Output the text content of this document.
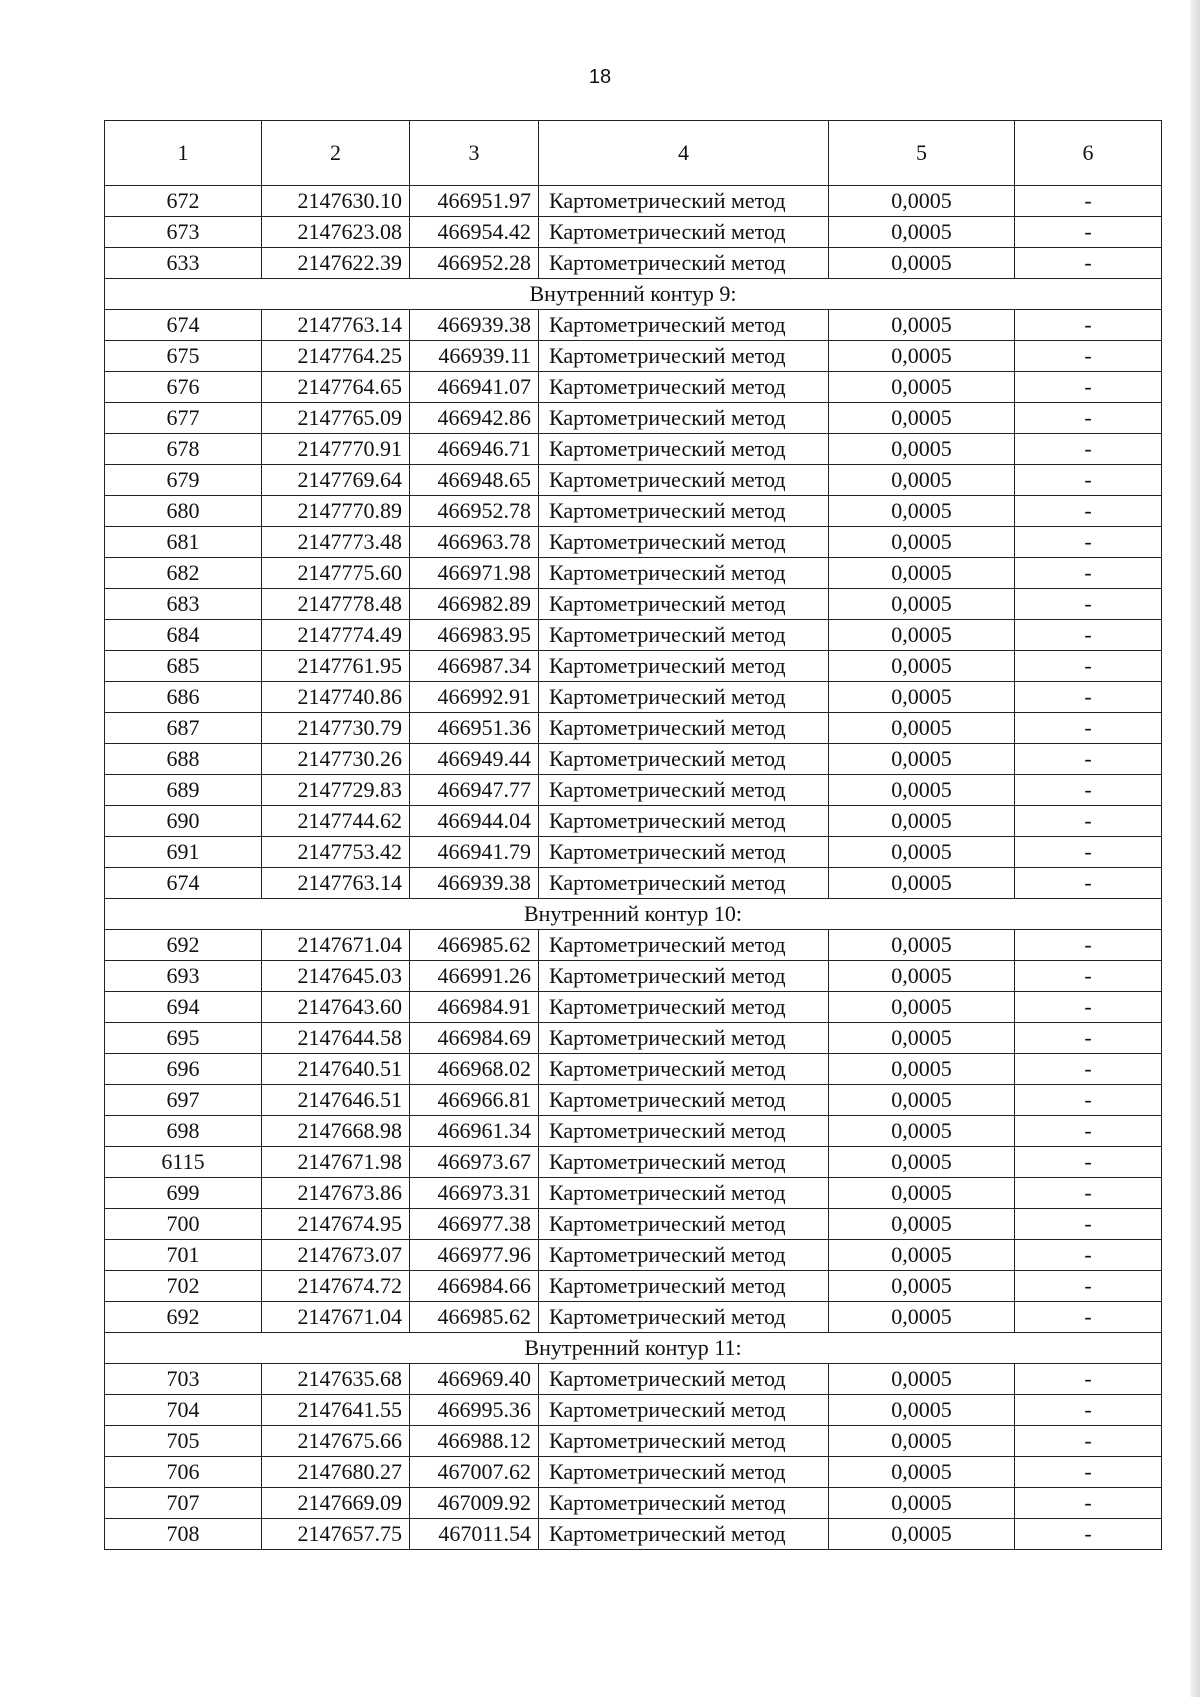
18
1	2	3	4	5	6
672	2147630.10	466951.97	Картометрический метод	0,0005	-
673	2147623.08	466954.42	Картометрический метод	0,0005	-
633	2147622.39	466952.28	Картометрический метод	0,0005	-
Внутренний контур 9:					
674	2147763.14	466939.38	Картометрический метод	0,0005	-
675	2147764.25	466939.11	Картометрический метод	0,0005	-
676	2147764.65	466941.07	Картометрический метод	0,0005	-
677	2147765.09	466942.86	Картометрический метод	0,0005	-
678	2147770.91	466946.71	Картометрический метод	0,0005	-
679	2147769.64	466948.65	Картометрический метод	0,0005	-
680	2147770.89	466952.78	Картометрический метод	0,0005	-
681	2147773.48	466963.78	Картометрический метод	0,0005	-
682	2147775.60	466971.98	Картометрический метод	0,0005	-
683	2147778.48	466982.89	Картометрический метод	0,0005	-
684	2147774.49	466983.95	Картометрический метод	0,0005	-
685	2147761.95	466987.34	Картометрический метод	0,0005	-
686	2147740.86	466992.91	Картометрический метод	0,0005	-
687	2147730.79	466951.36	Картометрический метод	0,0005	-
688	2147730.26	466949.44	Картометрический метод	0,0005	-
689	2147729.83	466947.77	Картометрический метод	0,0005	-
690	2147744.62	466944.04	Картометрический метод	0,0005	-
691	2147753.42	466941.79	Картометрический метод	0,0005	-
674	2147763.14	466939.38	Картометрический метод	0,0005	-
Внутренний контур 10:					
692	2147671.04	466985.62	Картометрический метод	0,0005	-
693	2147645.03	466991.26	Картометрический метод	0,0005	-
694	2147643.60	466984.91	Картометрический метод	0,0005	-
695	2147644.58	466984.69	Картометрический метод	0,0005	-
696	2147640.51	466968.02	Картометрический метод	0,0005	-
697	2147646.51	466966.81	Картометрический метод	0,0005	-
698	2147668.98	466961.34	Картометрический метод	0,0005	-
6115	2147671.98	466973.67	Картометрический метод	0,0005	-
699	2147673.86	466973.31	Картометрический метод	0,0005	-
700	2147674.95	466977.38	Картометрический метод	0,0005	-
701	2147673.07	466977.96	Картометрический метод	0,0005	-
702	2147674.72	466984.66	Картометрический метод	0,0005	-
692	2147671.04	466985.62	Картометрический метод	0,0005	-
Внутренний контур 11:					
703	2147635.68	466969.40	Картометрический метод	0,0005	-
704	2147641.55	466995.36	Картометрический метод	0,0005	-
705	2147675.66	466988.12	Картометрический метод	0,0005	-
706	2147680.27	467007.62	Картометрический метод	0,0005	-
707	2147669.09	467009.92	Картометрический метод	0,0005	-
708	2147657.75	467011.54	Картометрический метод	0,0005	-
